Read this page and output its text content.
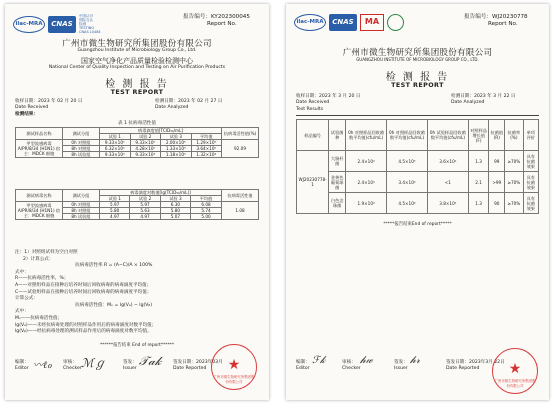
ilac-MRA	CNAS
中国认可
国际互认
检测
TESTING
CNAS L0484
报告编号：KY202300045
Report No.
广州市微生物研究所集团股份有限公司
Guangzhou Institute of Microbiology Group Co., Ltd.
国家空气净化产品质量检验检测中心
National Center of Quality Inspection and Testing on Air Purification Products
检 测 报 告
TEST REPORT
收样日期：2023 年 02 月 20 日
Date Received
检测日期：2023 年 02 月 27 日
Date Analyzed
检测结果：
表 1 抗病毒活性值
测试样品名称	测试分组	病毒滴度值[TCID₅₀/mL]				抗病毒活性值(%)
		试验 1	试验 2	试验 3	平均值	
甲型流感病毒 A/PR/8/34 (H1N1) 宿主：MDCK 细胞	0h 对照组	9.33×10⁵	9.33×10⁵	2.00×10⁶	1.29×10⁶	92.09
	8h 对照组	6.32×10⁵	4.28×10⁵	1.33×10⁶	3.64×10⁵	
	8h 试验组	9.33×10³	9.33×10³	1.18×10³	1.32×10⁴	
测试病毒名称	测试分组	病毒滴度对数值[lg(TCID₅₀/mL)]				抗病毒活性值
		试验 1	试验 2	试验 3	平均值	
甲型流感病毒 A/PR/8/34 (H1N1) 宿主：MDCK 细胞	0h 对照组	5.97	5.97	6.30	6.08	1.08
	8h 对照组	5.80	5.63	5.80	5.74	
	8h 试验组	4.97	4.97	5.07	5.00	
注：1）对照组试样为空白对照
2）计算公式：
抗病毒活性率 R = (A−C)/A × 100%
式中：
R——抗病毒活性率，%；
A——对照组样品在接种后培养时间后回收病毒的病毒滴度平均值；
C——试验组样品在接种后培养时间后回收病毒的病毒滴度平均值；
计算公式：
抗病毒活性值：Mᵥ = lg(Vₐ) − lg(Vᵦ)
式中：
Mᵥ——抗病毒活性值；
lg(Vₐ)——未经抗病毒处理的对照样品作用后的病毒滴度对数平均值；
lg(Vᵦ)——经抗病毒处理的测试样品作用后的病毒滴度对数平均值。
******报告结束 End of report******
编制：
Editor 〰ℓℴ 审核：
Checker ℳℊ	签发：
Issuer
𝒯𝒶𝓀	签发日期：2023年03月
Date Reported	★
广州市微生物研究所集团股份有限公司
ilac-MRA	CNAS	MA	报告编号：WJ20230778
Report No.
广州市微生物研究所集团股份有限公司
GUANGZHOU INSTITUTE OF MICROBIOLOGY GROUP CO., LTD.
检 测 报 告
TEST REPORT
收样日期：2023 年 3 月 20 日
Date Received
检测日期：2023 年 3 月 22 日
Date Analyzed
Test Results
样品编号	试验菌种	0h 对照样品回收菌数平均值(cfu/mL)	0h 对照样品回收菌数平均值(cfu/mL)	0h 试验样品回收菌数平均值(cfu/mL)	对照样品增长值(F)	抗菌值(R)	抗菌率(%)	单项评价
WJ20230778-1	大肠杆菌	2.4×10⁴	4.5×10⁵	3.6×10²	1.3	99	≥70%	具有抗菌效果
	金黄色葡萄球菌	2.4×10⁴	3.4×10⁴	<1	2.1	>99	≥70%	具有抗菌效果
	白色念珠菌	1.9×10⁴	4.5×10⁴	3.8×10²	1.3	90	≥70%	具有抗菌效果
*****报告结束End of report*****
编制：
Editor
ℱ𝓀	审核：
Checker
𝒽𝓌	签发：
Issuer
𝒽𝓇	签发日期：2023年3月 22日
Date Reported	★
广州市微生物研究所集团股份有限公司
